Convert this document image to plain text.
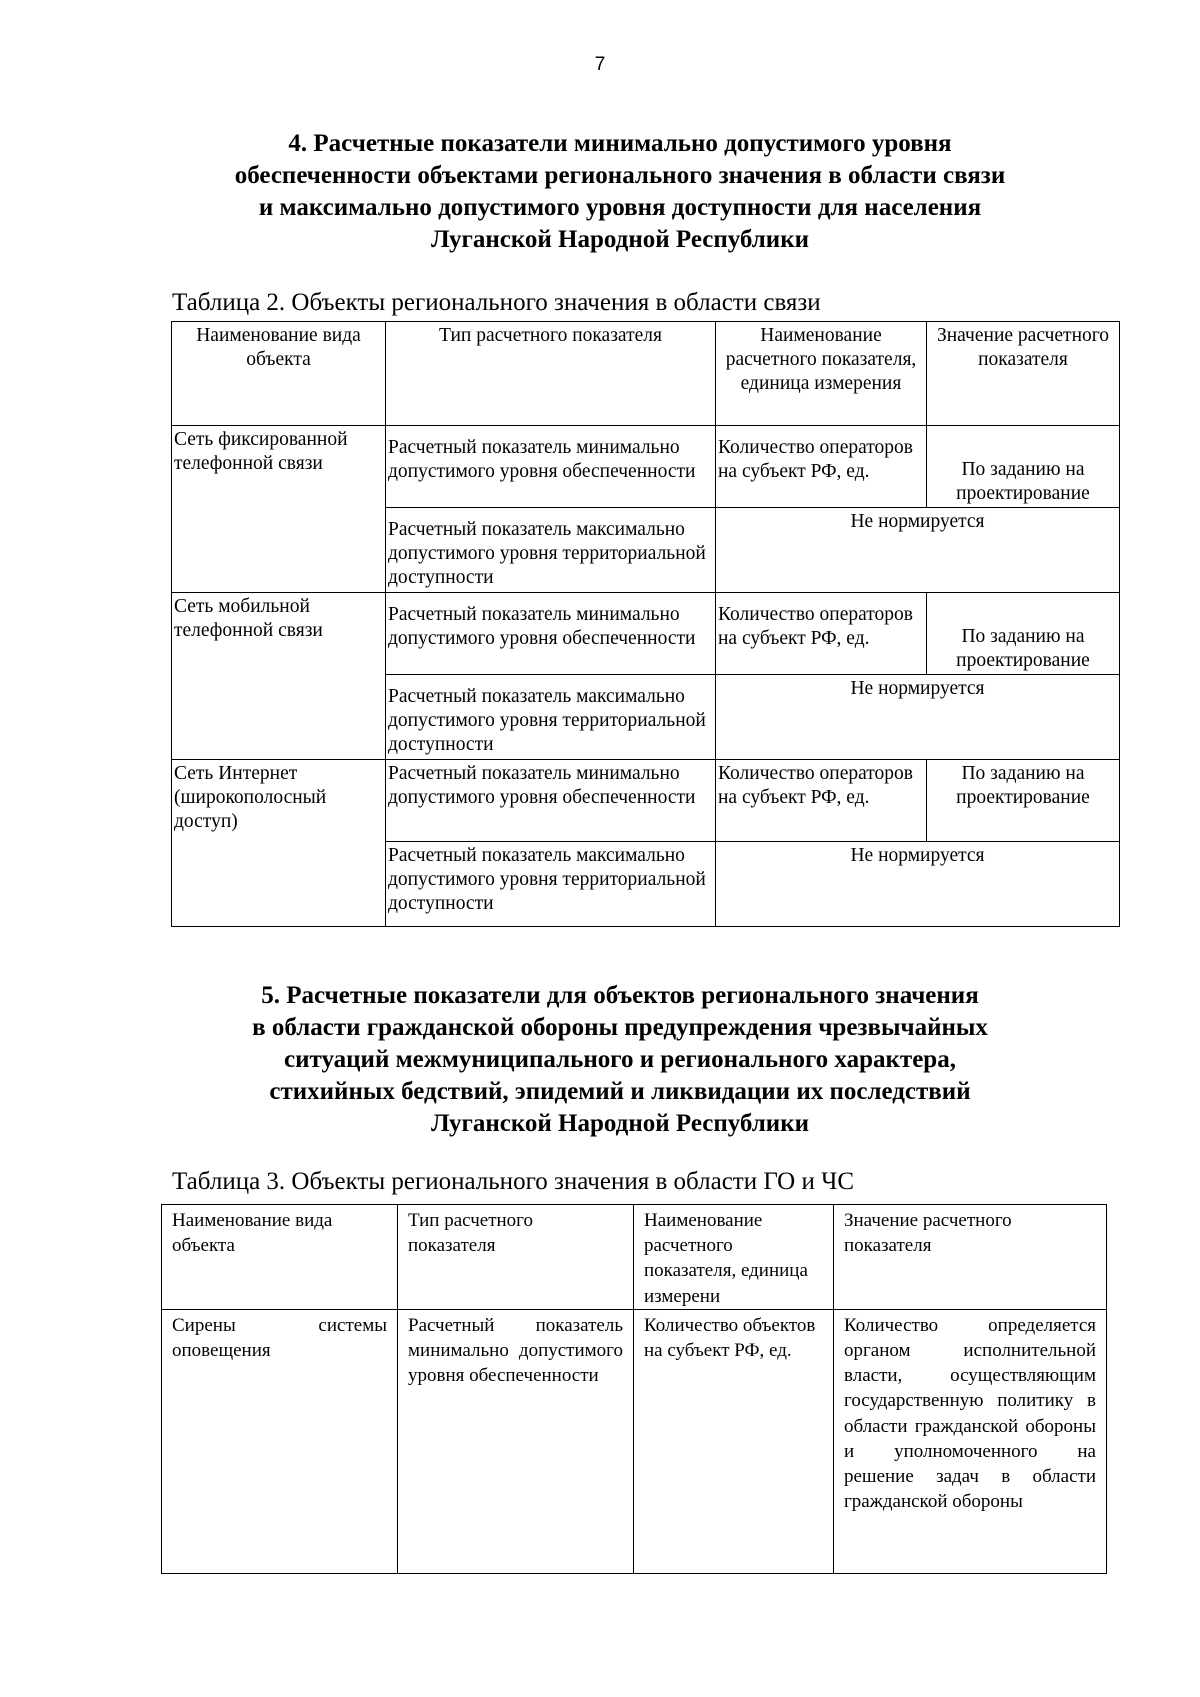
7
4. Расчетные показатели минимально допустимого уровня
обеспеченности объектами регионального значения в области связи
и максимально допустимого уровня доступности для населения
Луганской Народной Республики
Таблица 2. Объекты регионального значения в области связи
Наименование вида объекта	Тип расчетного показателя	Наименование расчетного показателя, единица измерения	Значение расчетного показателя
Сеть фиксированной телефонной связи	Расчетный показатель минимально допустимого уровня обеспеченности	Количество операторов на субъект РФ, ед.	По заданию на проектирование
	Расчетный показатель максимально допустимого уровня территориальной доступности	Не нормируется	
Сеть мобильной телефонной связи	Расчетный показатель минимально допустимого уровня обеспеченности	Количество операторов на субъект РФ, ед.	По заданию на проектирование
	Расчетный показатель максимально допустимого уровня территориальной доступности	Не нормируется	
Сеть Интернет (широкополосный доступ)	Расчетный показатель минимально допустимого уровня обеспеченности	Количество операторов на субъект РФ, ед.	По заданию на проектирование
	Расчетный показатель максимально допустимого уровня территориальной доступности	Не нормируется	
5. Расчетные показатели для объектов регионального значения
в области гражданской обороны предупреждения чрезвычайных
ситуаций межмуниципального и регионального характера,
стихийных бедствий, эпидемий и ликвидации их последствий
Луганской Народной Республики
Таблица 3. Объекты регионального значения в области ГО и ЧС
Наименование вида объекта	Тип расчетного показателя	Наименование расчетного показателя, единица измерени	Значение расчетного показателя
Сирены системы оповещения	Расчетный показатель минимально допустимого уровня обеспеченности	Количество объектов на субъект РФ, ед.	Количество определяется органом исполнительной власти, осуществляющим государственную политику в области гражданской обороны и уполномоченного на решение задач в области гражданской обороны
